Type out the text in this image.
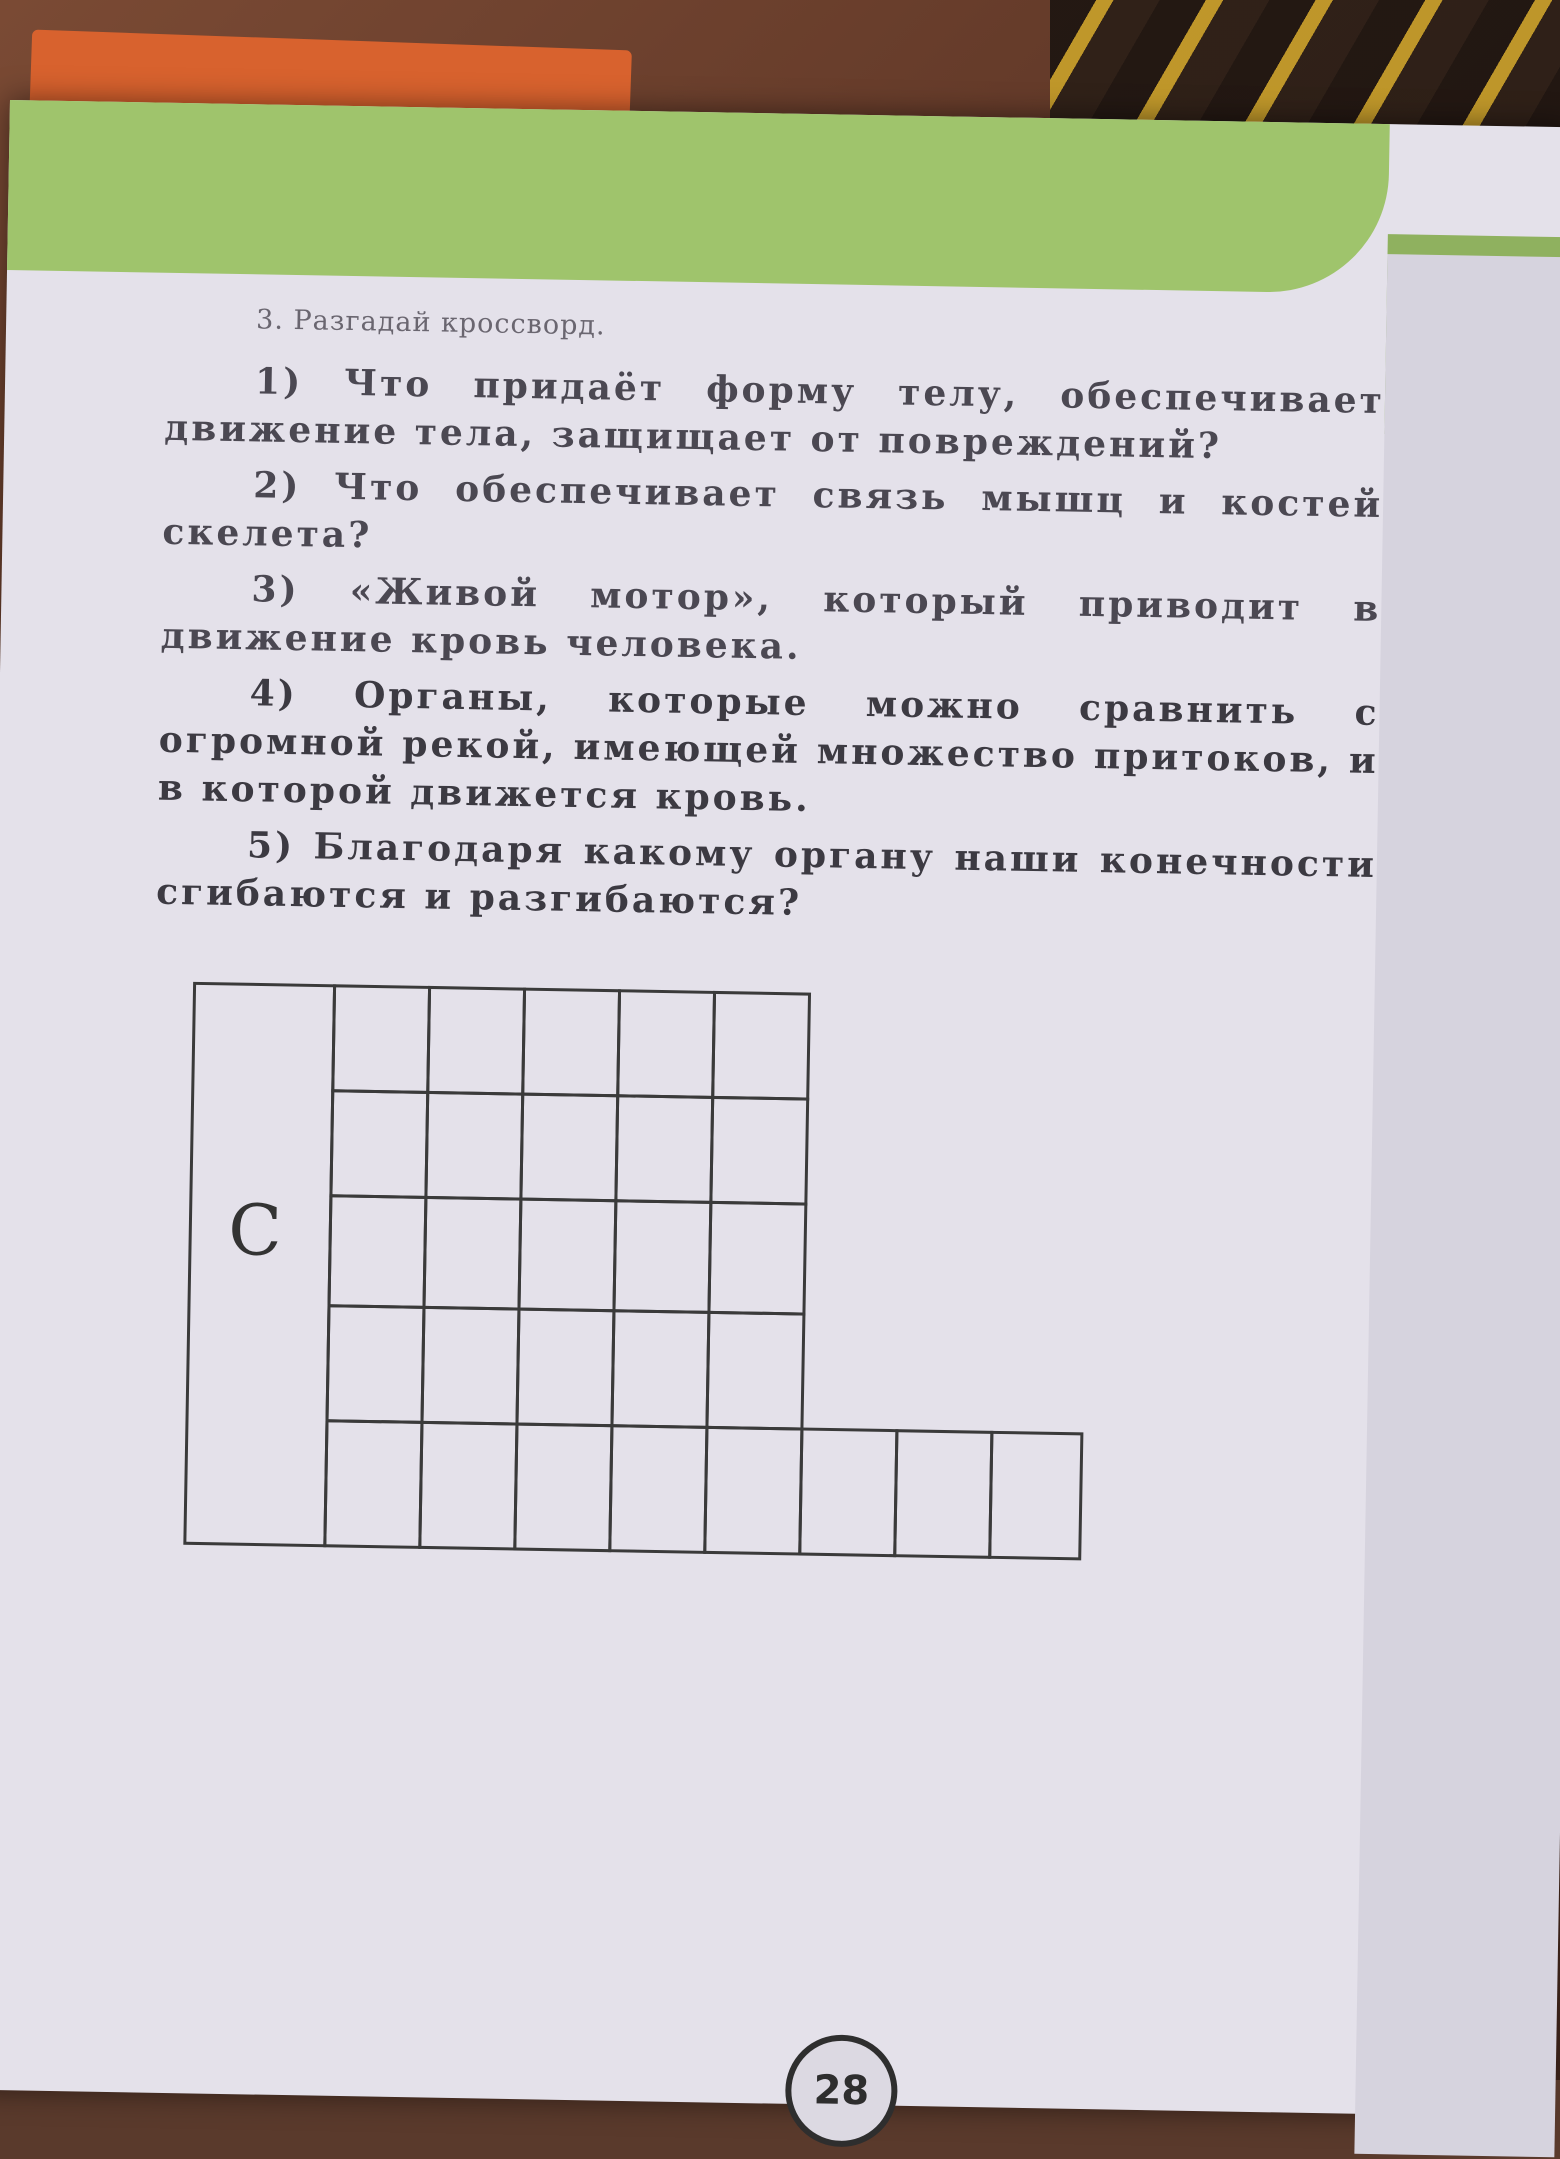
3. Разгадай кроссворд.

1) Что придаёт форму телу, обеспечивает движение тела, защищает от повреждений?

2) Что обеспечивает связь мышц и костей скелета?

3) «Живой мотор», который приводит в движение кровь человека.

4) Органы, которые можно сравнить с огромной рекой, имеющей множество притоков, и в которой движется кровь.

5) Благодаря какому органу наши конечности сгибаются и разгибаются?

С
28
